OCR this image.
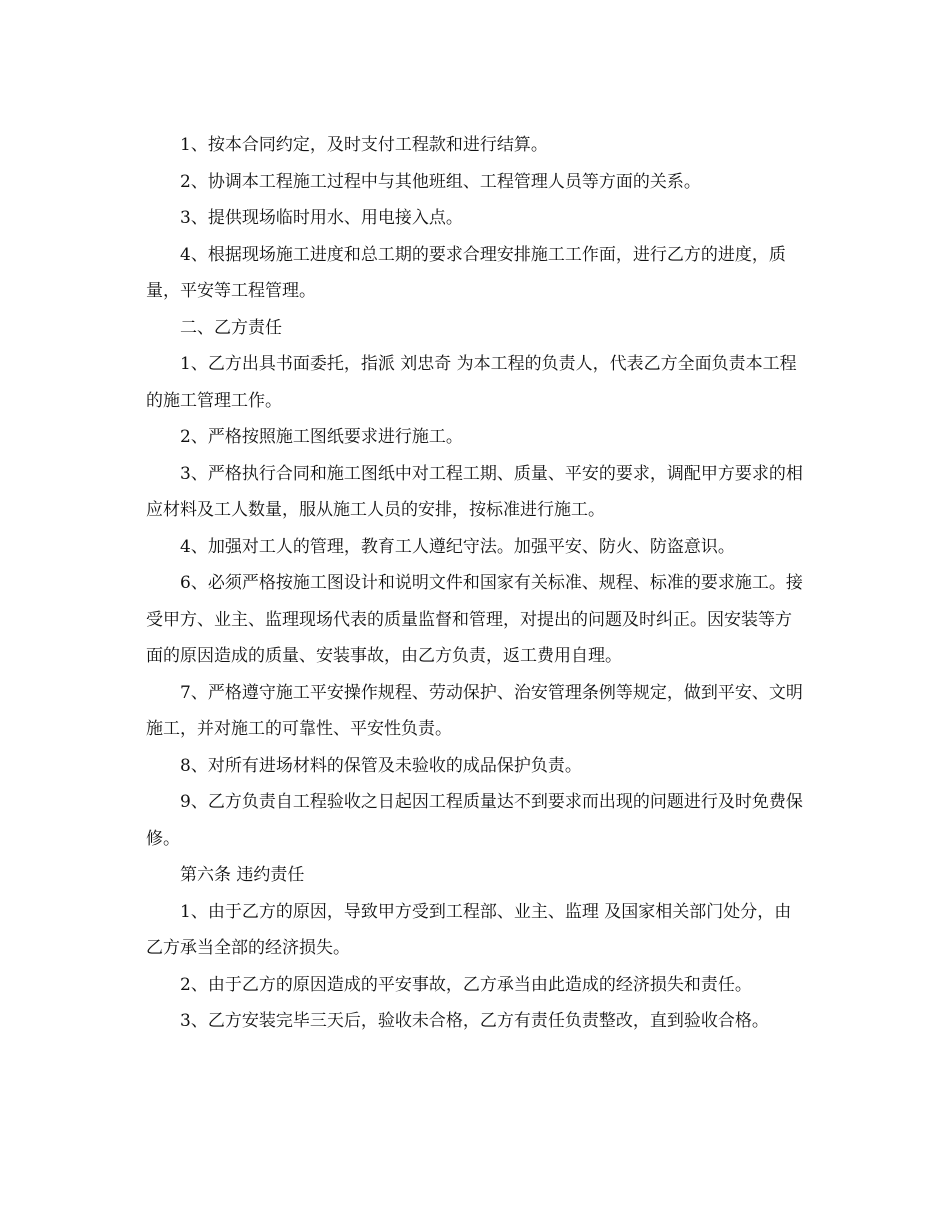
1、按本合同约定，及时支付工程款和进行结算。

2、协调本工程施工过程中与其他班组、工程管理人员等方面的关系。

3、提供现场临时用水、用电接入点。

4、根据现场施工进度和总工期的要求合理安排施工工作面，进行乙方的进度，质量，平安等工程管理。

二、乙方责任

1、乙方出具书面委托，指派 刘忠奇 为本工程的负责人，代表乙方全面负责本工程的施工管理工作。

2、严格按照施工图纸要求进行施工。

3、严格执行合同和施工图纸中对工程工期、质量、平安的要求，调配甲方要求的相应材料及工人数量，服从施工人员的安排，按标准进行施工。

4、加强对工人的管理，教育工人遵纪守法。加强平安、防火、防盗意识。

6、必须严格按施工图设计和说明文件和国家有关标准、规程、标准的要求施工。接受甲方、业主、监理现场代表的质量监督和管理，对提出的问题及时纠正。因安装等方面的原因造成的质量、安装事故，由乙方负责，返工费用自理。

7、严格遵守施工平安操作规程、劳动保护、治安管理条例等规定，做到平安、文明施工，并对施工的可靠性、平安性负责。

8、对所有进场材料的保管及未验收的成品保护负责。

9、乙方负责自工程验收之日起因工程质量达不到要求而出现的问题进行及时免费保修。

第六条 违约责任

1、由于乙方的原因，导致甲方受到工程部、业主、监理 及国家相关部门处分，由乙方承当全部的经济损失。

2、由于乙方的原因造成的平安事故，乙方承当由此造成的经济损失和责任。

3、乙方安装完毕三天后，验收未合格，乙方有责任负责整改，直到验收合格。
